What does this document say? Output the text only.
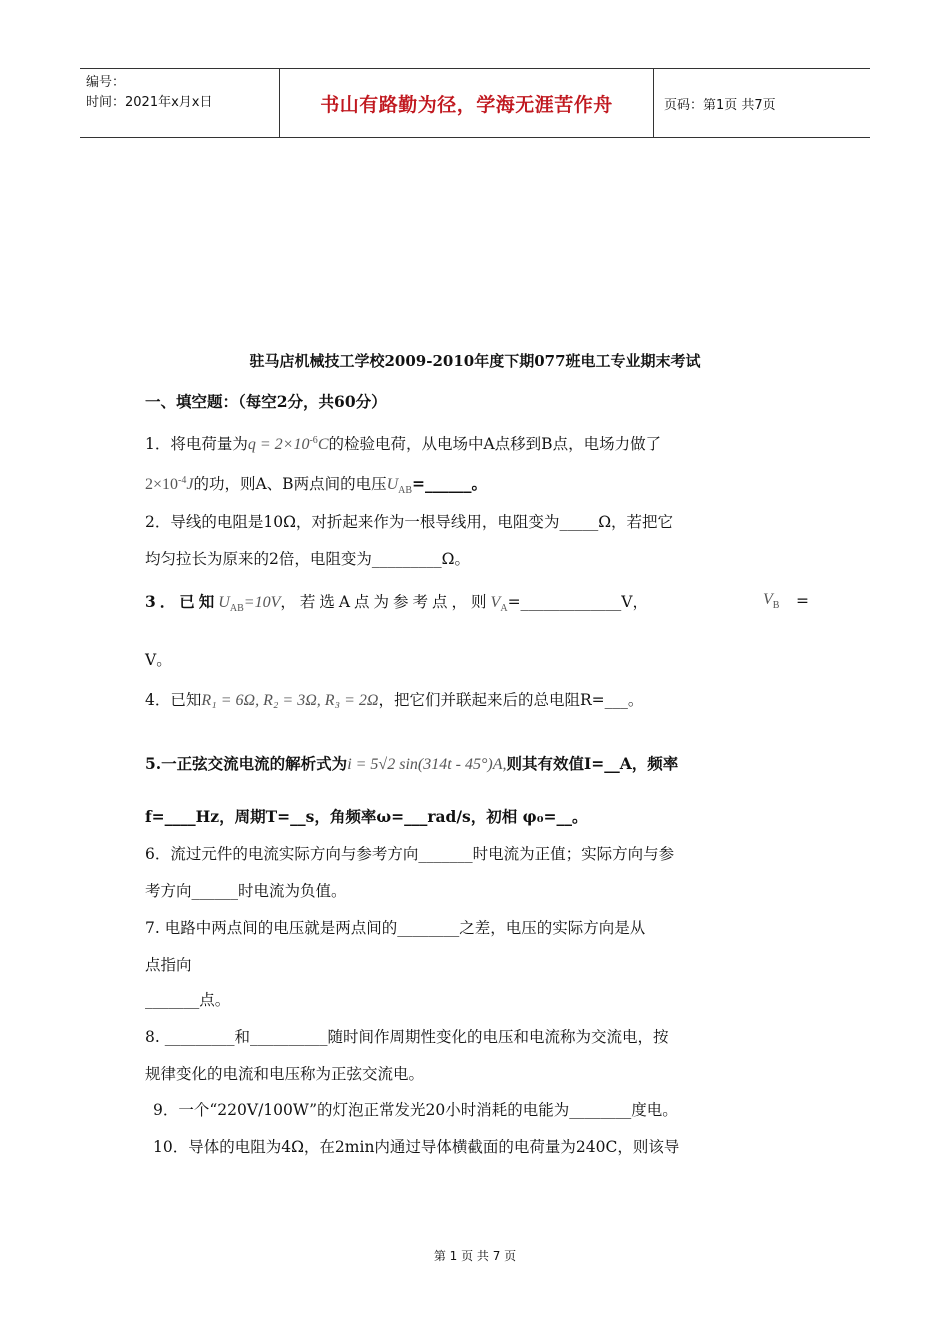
编号：
时间：2021年x月x日	书山有路勤为径，学海无涯苦作舟	页码：第1页 共7页
驻马店机械技工学校2009-2010年度下期077班电工专业期末考试
一、填空题：（每空2分，共60分）
1．将电荷量为$q = 2\times 10^{-6}C$的检验电荷，从电场中A点移到B点，电场力做了
$2\times 10^{-4}J$的功，则A、B两点间的电压$U_{AB}=\_\_\_\_\_\_$。
2．导线的电阻是10Ω，对折起来作为一根导线用，电阻变为_____Ω，若把它
均匀拉长为原来的2倍，电阻变为_________Ω。
3．已知$U_{AB}=10V$，若选A点为参考点，则$V_A=\_\_\_\_\_\_\_\_\_\_\_\_\_V$，	$V_B$ =
V。
4．已知R₁ = 6Ω, R₂ = 3Ω, R₃ = 2Ω，把它们并联起来后的总电阻R=___。
5.一正弦交流电流的解析式为i = 5√2 sin(314t - 45°)A,则其有效值I=__A，频率
f=____Hz，周期T=__s，角频率ω=___rad/s，初相 φ₀=__。
6．流过元件的电流实际方向与参考方向_______时电流为正值；实际方向与参
考方向______时电流为负值。
7. 电路中两点间的电压就是两点间的________之差，电压的实际方向是从
点指向
_______点。
8. _________和__________随时间作周期性变化的电压和电流称为交流电，按
规律变化的电流和电压称为正弦交流电。
9．一个“220V/100W”的灯泡正常发光20小时消耗的电能为________度电。
10．导体的电阻为4Ω，在2min内通过导体横截面的电荷量为240C，则该导
第 1 页 共 7 页
